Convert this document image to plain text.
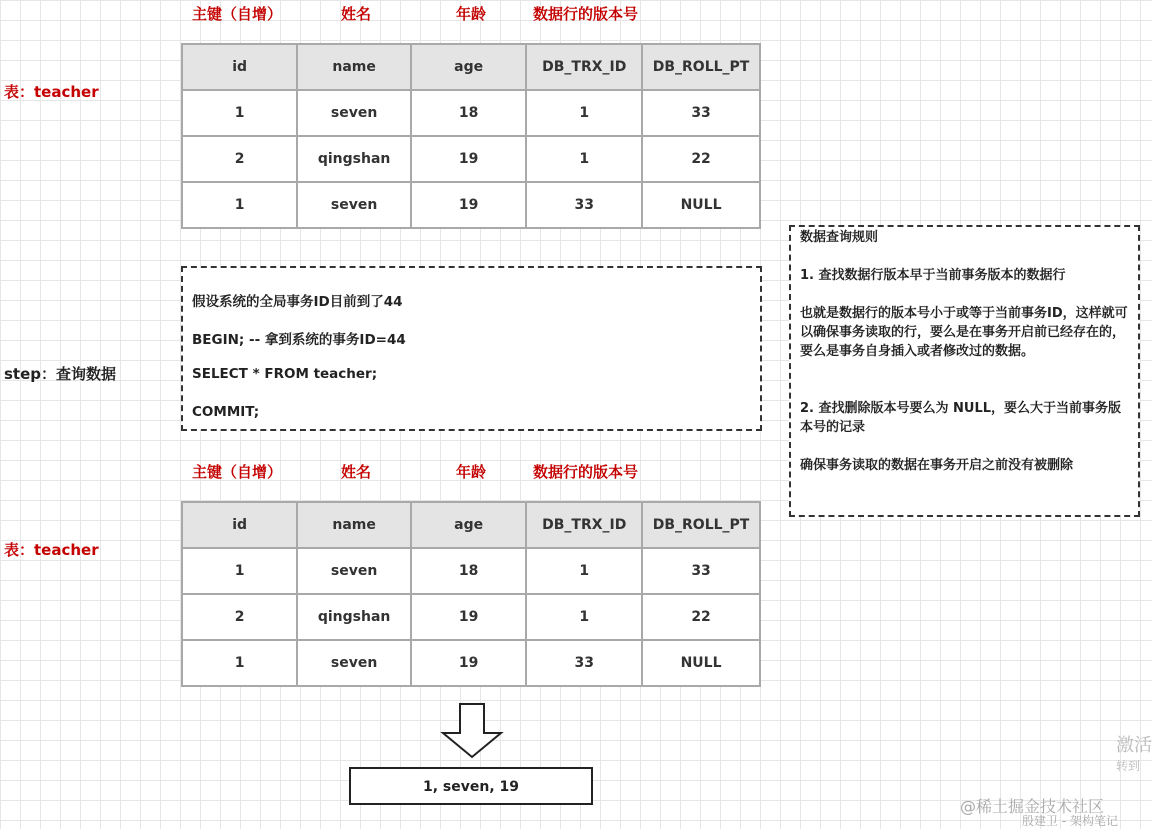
主键（自增）	姓名	年龄	数据行的版本号
表：teacher
id	name	age	DB_TRX_ID	DB_ROLL_PT
1	seven	18	1	33
2	qingshan	19	1	22
1	seven	19	33	NULL
step：查询数据

假设系统的全局事务ID目前到了44

BEGIN; -- 拿到系统的事务ID=44

SELECT * FROM teacher;

COMMIT;

数据查询规则

1. 查找数据行版本早于当前事务版本的数据行

也就是数据行的版本号小于或等于当前事务ID，这样就可以确保事务读取的行，要么是在事务开启前已经存在的，要么是事务自身插入或者修改过的数据。

2. 查找删除版本号要么为 NULL，要么大于当前事务版本号的记录

确保事务读取的数据在事务开启之前没有被删除

主键（自增）	姓名	年龄	数据行的版本号
表：teacher
id	name	age	DB_TRX_ID	DB_ROLL_PT
1	seven	18	1	33
2	qingshan	19	1	22
1	seven	19	33	NULL
1, seven, 19
激活
转到
@稀土掘金技术社区
殷建卫 - 架构笔记
